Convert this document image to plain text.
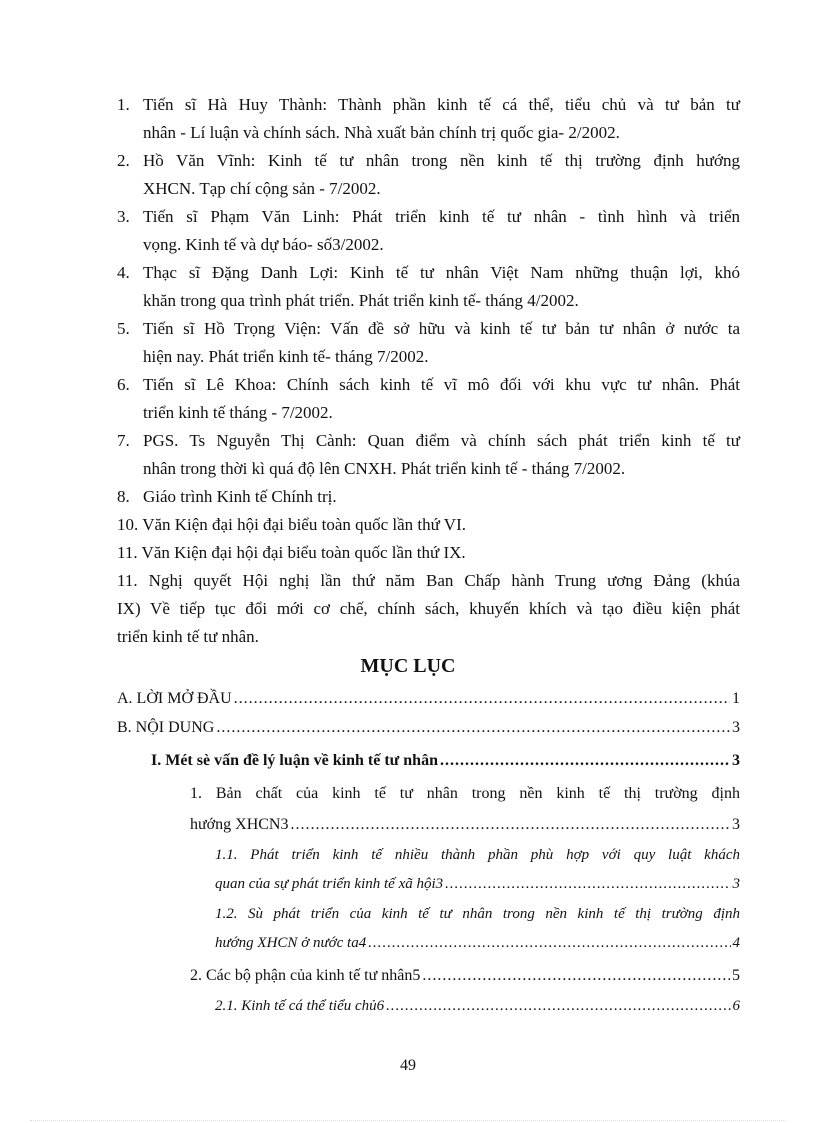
1. Tiến sĩ Hà Huy Thành: Thành phần kinh tế cá thể, tiểu chủ và tư bản tư
nhân - Lí luận và chính sách. Nhà xuất bản chính trị quốc gia- 2/2002.
2. Hồ Văn Vĩnh: Kinh tế tư nhân trong nền kinh tế thị trường định hướng
XHCN. Tạp chí cộng sản - 7/2002.
3. Tiến sĩ Phạm Văn Linh: Phát triển kinh tế tư nhân - tình hình và triển
vọng. Kinh tế và dự báo- số3/2002.
4. Thạc sĩ Đặng Danh Lợi: Kinh tế tư nhân Việt Nam những thuận lợi, khó
khăn trong qua trình phát triển. Phát triển kinh tế- tháng 4/2002.
5. Tiến sĩ Hồ Trọng Viện: Vấn đề sở hữu và kinh tế tư bản tư nhân ở nước ta
hiện nay. Phát triển kinh tế- tháng 7/2002.
6. Tiến sĩ Lê Khoa: Chính sách kinh tế vĩ mô đối với khu vực tư nhân. Phát
triển kinh tế tháng - 7/2002.
7. PGS. Ts Nguyễn Thị Cành: Quan điểm và chính sách phát triển kinh tế tư
nhân trong thời kì quá độ lên CNXH. Phát triển kinh tế - tháng 7/2002.
8. Giáo trình Kinh tế Chính trị.
10. Văn Kiện đại hội đại biểu toàn quốc lần thứ VI.
11. Văn Kiện đại hội đại biểu toàn quốc lần thứ IX.
11. Nghị quyết Hội nghị lần thứ năm Ban Chấp hành Trung ương Đảng (khúa
IX) Về tiếp tục đổi mới cơ chế, chính sách, khuyến khích và tạo điều kiện phát
triển kinh tế tư nhân.
MỤC LỤC
A. LỜI MỞ ĐẦU .....	1
B. NỘI DUNG .....	3
I. Mét sè vấn đề lý luận về kinh tế tư nhân .....	3
1. Bản chất của kinh tế tư nhân trong nền kinh tế thị trường định
hướng XHCN3 .....	3
1.1. Phát triển kinh tế nhiều thành phần phù hợp với quy luật khách
quan của sự phát triển kinh tế xã hội3 .....	3
1.2. Sù phát triển của kinh tế tư nhân trong nền kinh tế thị trường định
hướng XHCN ở nước ta4 .....	4
2. Các bộ phận của kinh tế tư nhân5 .....	5
2.1. Kinh tế cá thể tiểu chủ6 .....	6
49
